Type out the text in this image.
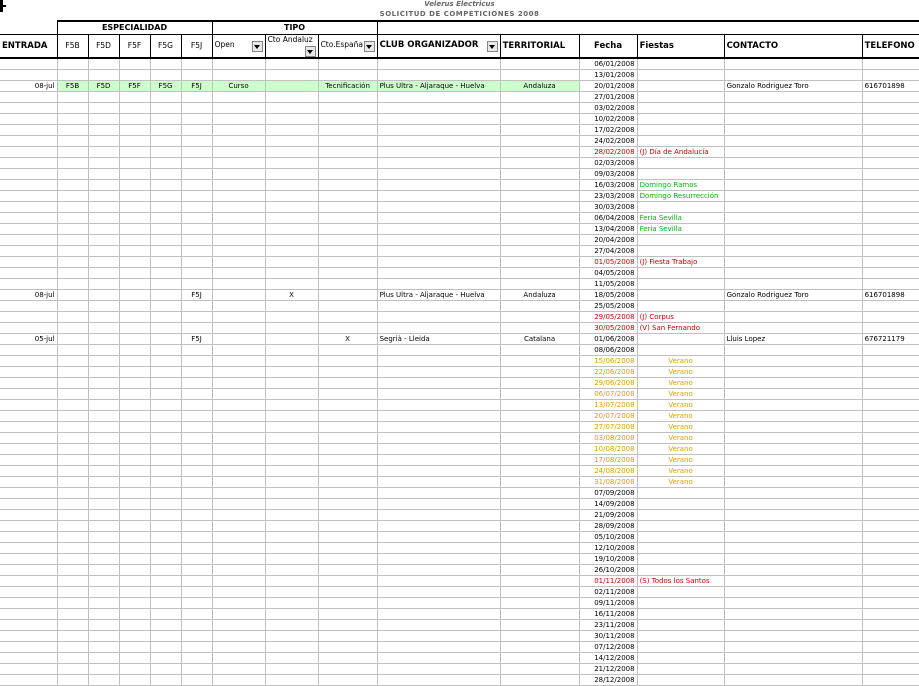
Velerus Electricus
SOLICITUD DE COMPETICIONES 2008
	ESPECIALIDAD					TIPO								
ENTRADA	F5B	F5D	F5F	F5G	F5J	Open	Cto Andaluz	Cto.España	CLUB ORGANIZADOR	TERRITORIAL	Fecha	Fiestas	CONTACTO	TELEFONO
											06/01/2008			
											13/01/2008			
08-jul	F5B	F5D	F5F	F5G	F5J	Curso		Tecnificación	Plus Ultra - Aljaraque - Huelva	Andaluza	20/01/2008		Gonzalo Rodriguez Toro	616701898
											27/01/2008			
											03/02/2008			
											10/02/2008			
											17/02/2008			
											24/02/2008			
											28/02/2008	(J) Día de Andalucía		
											02/03/2008			
											09/03/2008			
											16/03/2008	Domingo Ramos		
											23/03/2008	Domingo Resurrección		
											30/03/2008			
											06/04/2008	Feria Sevilla		
											13/04/2008	Feria Sevilla		
											20/04/2008			
											27/04/2008			
											01/05/2008	(J) Fiesta Trabajo		
											04/05/2008			
											11/05/2008			
08-jul					F5J		X		Plus Ultra - Aljaraque - Huelva	Andaluza	18/05/2008		Gonzalo Rodriguez Toro	616701898
											25/05/2008			
											29/05/2008	(J) Corpus		
											30/05/2008	(V) San Fernando		
05-jul					F5J			X	Segrià - Lleida	Catalana	01/06/2008		Lluis Lopez	676721179
											08/06/2008			
											15/06/2008	Verano		
											22/06/2008	Verano		
											29/06/2008	Verano		
											06/07/2008	Verano		
											13/07/2008	Verano		
											20/07/2008	Verano		
											27/07/2008	Verano		
											03/08/2008	Verano		
											10/08/2008	Verano		
											17/08/2008	Verano		
											24/08/2008	Verano		
											31/08/2008	Verano		
											07/09/2008			
											14/09/2008			
											21/09/2008			
											28/09/2008			
											05/10/2008			
											12/10/2008			
											19/10/2008			
											26/10/2008			
											01/11/2008	(S) Todos los Santos		
											02/11/2008			
											09/11/2008			
											16/11/2008			
											23/11/2008			
											30/11/2008			
											07/12/2008			
											14/12/2008			
											21/12/2008			
											28/12/2008			
